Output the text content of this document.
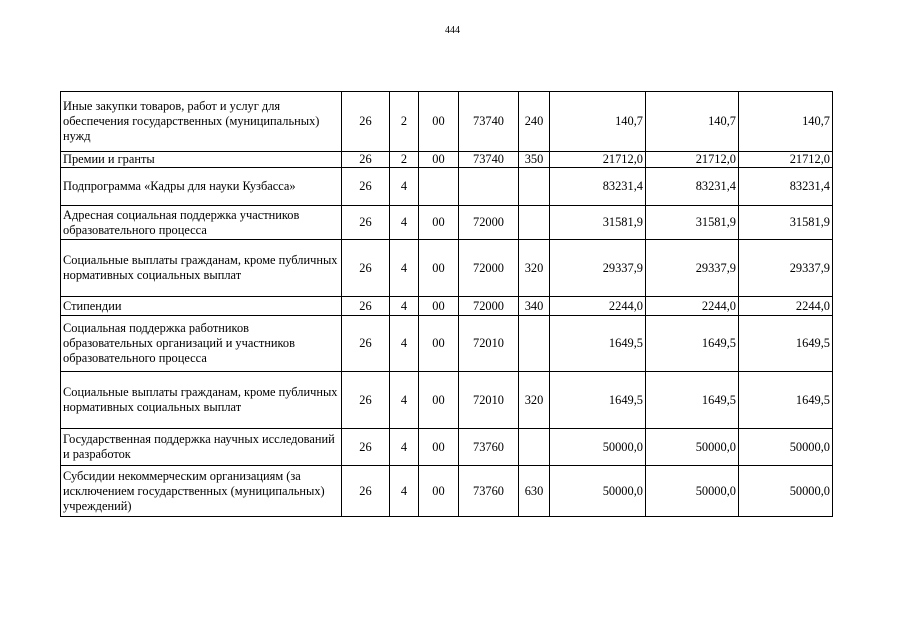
444
Иные закупки товаров, работ и услуг для обеспечения государственных (муниципальных) нужд	26	2	00	73740	240	140,7	140,7	140,7
Премии и гранты	26	2	00	73740	350	21712,0	21712,0	21712,0
Подпрограмма «Кадры для науки Кузбасса»	26	4				83231,4	83231,4	83231,4
Адресная социальная поддержка участников образовательного процесса	26	4	00	72000		31581,9	31581,9	31581,9
Социальные выплаты гражданам, кроме публичных нормативных социальных выплат	26	4	00	72000	320	29337,9	29337,9	29337,9
Стипендии	26	4	00	72000	340	2244,0	2244,0	2244,0
Социальная поддержка работников образовательных организаций и участников образовательного процесса	26	4	00	72010		1649,5	1649,5	1649,5
Социальные выплаты гражданам, кроме публичных нормативных социальных выплат	26	4	00	72010	320	1649,5	1649,5	1649,5
Государственная поддержка научных исследований и разработок	26	4	00	73760		50000,0	50000,0	50000,0
Субсидии некоммерческим организациям (за исключением государственных (муниципальных) учреждений)	26	4	00	73760	630	50000,0	50000,0	50000,0
